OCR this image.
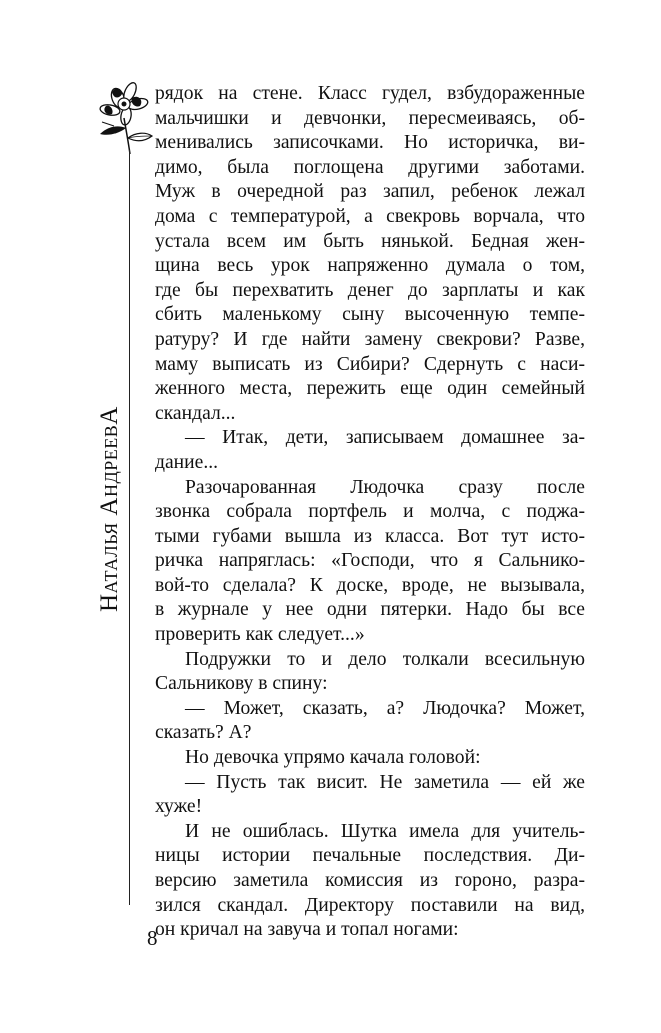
Наталья АндреевА
рядок на стене. Класс гудел, взбудораженные
мальчишки и девчонки, пересмеиваясь, об-
менивались записочками. Но историчка, ви-
димо, была поглощена другими заботами.
Муж в очередной раз запил, ребенок лежал
дома с температурой, а свекровь ворчала, что
устала всем им быть нянькой. Бедная жен-
щина весь урок напряженно думала о том,
где бы перехватить денег до зарплаты и как
сбить маленькому сыну высоченную темпе-
ратуру? И где найти замену свекрови? Разве,
маму выписать из Сибири? Сдернуть с наси-
женного места, пережить еще один семейный
скандал...
— Итак, дети, записываем домашнее за-
дание...
Разочарованная Людочка сразу после
звонка собрала портфель и молча, с поджа-
тыми губами вышла из класса. Вот тут исто-
ричка напряглась: «Господи, что я Сальнико-
вой-то сделала? К доске, вроде, не вызывала,
в журнале у нее одни пятерки. Надо бы все
проверить как следует...»
Подружки то и дело толкали всесильную
Сальникову в спину:
— Может, сказать, а? Людочка? Может,
сказать? А?
Но девочка упрямо качала головой:
— Пусть так висит. Не заметила — ей же
хуже!
И не ошиблась. Шутка имела для учитель-
ницы истории печальные последствия. Ди-
версию заметила комиссия из гороно, разра-
зился скандал. Директору поставили на вид,
он кричал на завуча и топал ногами:
8
